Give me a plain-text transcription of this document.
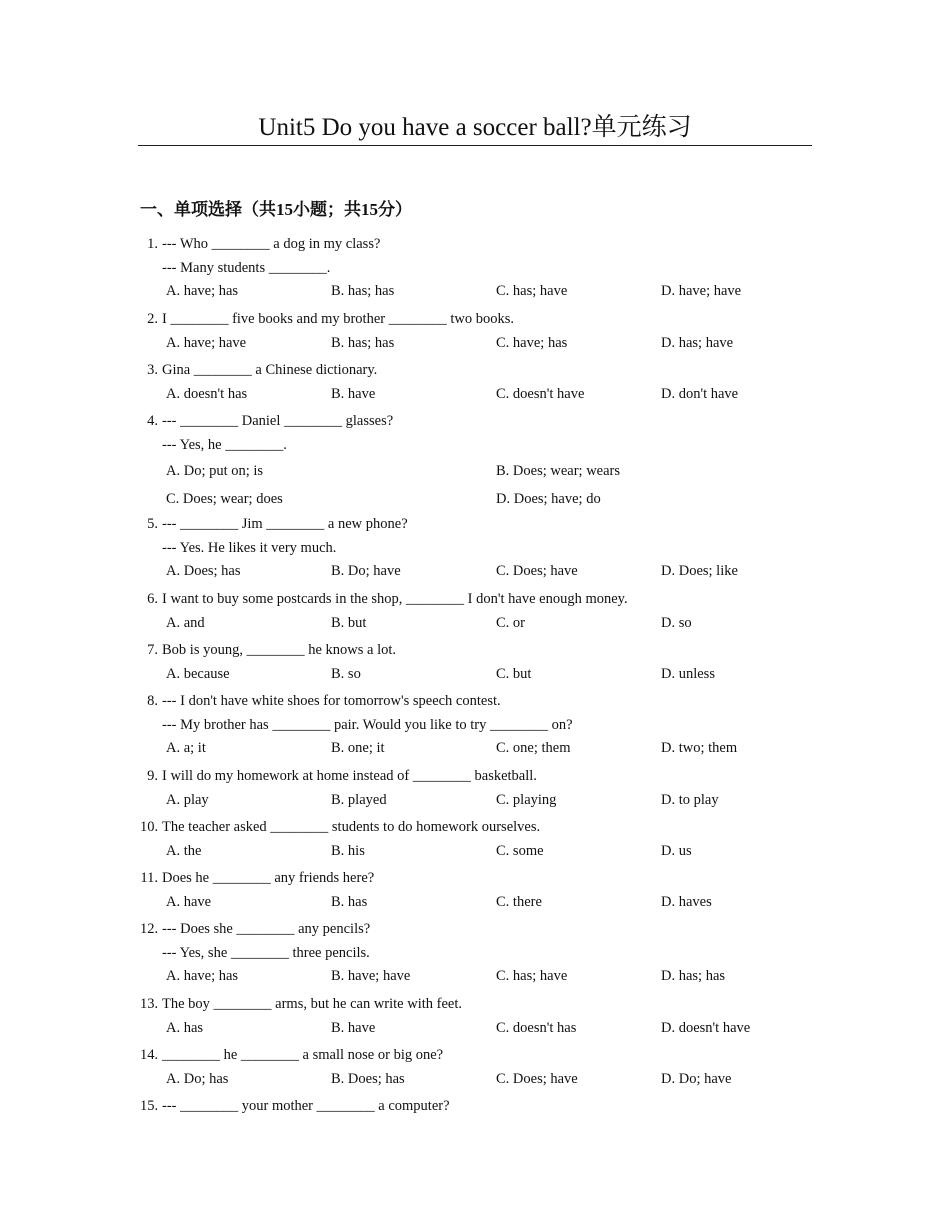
Unit5 Do you have a soccer ball?单元练习
一、单项选择（共15小题；共15分）
1. --- Who ________ a dog in my class?
--- Many students ________.
A. have; has	B. has; has	C. has; have	D. have; have
2. I ________ five books and my brother ________ two books.
A. have; have	B. has; has	C. have; has	D. has; have
3. Gina ________ a Chinese dictionary.
A. doesn't has	B. have	C. doesn't have	D. don't have
4. --- ________ Daniel ________ glasses?
--- Yes, he ________.
A. Do; put on; is	B. Does; wear; wears
C. Does; wear; does	D. Does; have; do
5. --- ________ Jim ________ a new phone?
--- Yes. He likes it very much.
A. Does; has	B. Do; have	C. Does; have	D. Does; like
6. I want to buy some postcards in the shop, ________ I don't have enough money.
A. and	B. but	C. or	D. so
7. Bob is young, ________ he knows a lot.
A. because	B. so	C. but	D. unless
8. --- I don't have white shoes for tomorrow's speech contest.
--- My brother has ________ pair. Would you like to try ________ on?
A. a; it	B. one; it	C. one; them	D. two; them
9. I will do my homework at home instead of ________ basketball.
A. play	B. played	C. playing	D. to play
10. The teacher asked ________ students to do homework ourselves.
A. the	B. his	C. some	D. us
11. Does he ________ any friends here?
A. have	B. has	C. there	D. haves
12. --- Does she ________ any pencils?
--- Yes, she ________ three pencils.
A. have; has	B. have; have	C. has; have	D. has; has
13. The boy ________ arms, but he can write with feet.
A. has	B. have	C. doesn't has	D. doesn't have
14. ________ he ________ a small nose or big one?
A. Do; has	B. Does; has	C. Does; have	D. Do; have
15. --- ________ your mother ________ a computer?
